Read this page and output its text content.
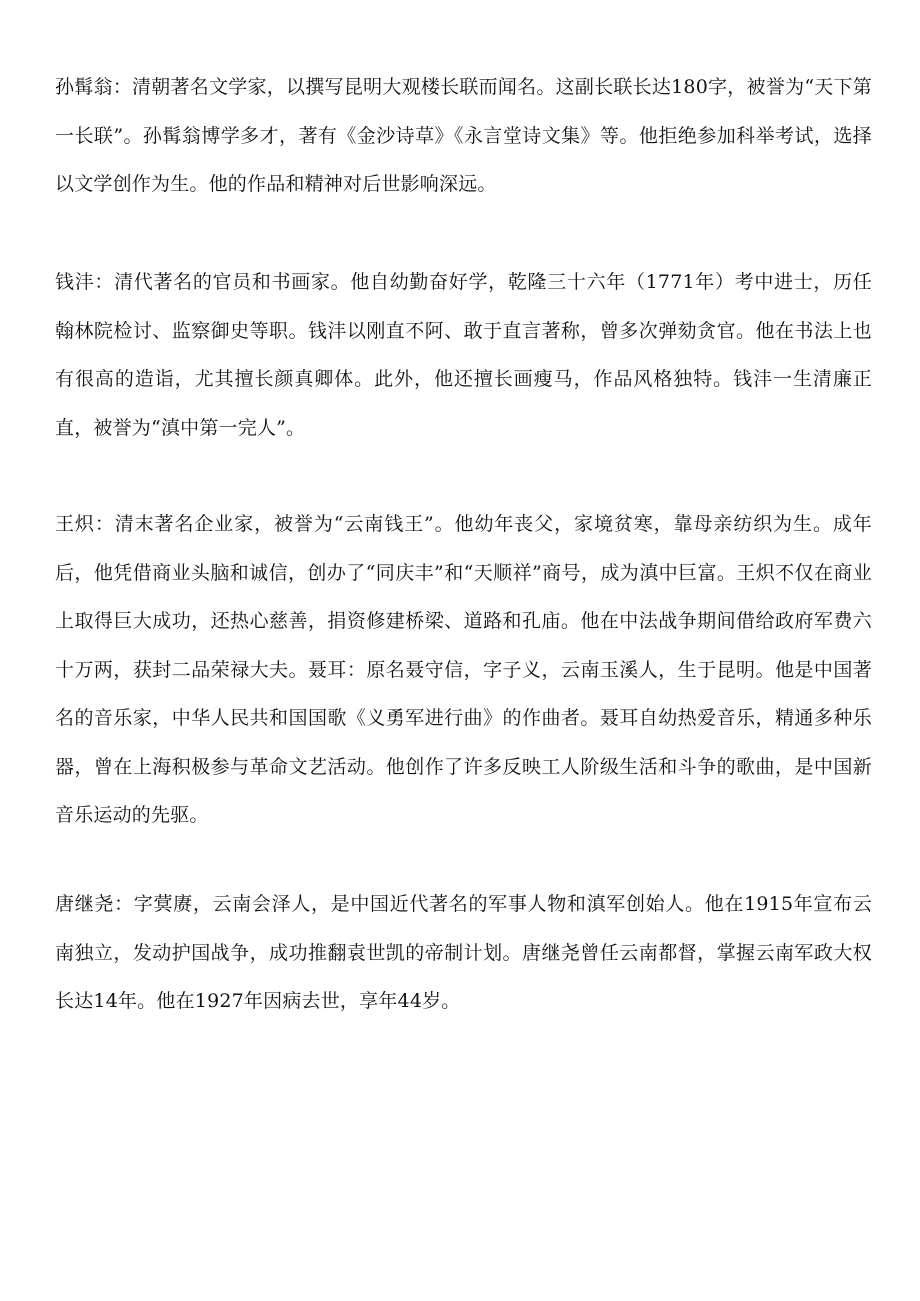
孙髯翁：清朝著名文学家，以撰写昆明大观楼长联而闻名。这副长联长达180字，被誉为“天下第一长联”。孙髯翁博学多才，著有《金沙诗草》《永言堂诗文集》等。他拒绝参加科举考试，选择以文学创作为生。他的作品和精神对后世影响深远。

钱沣：清代著名的官员和书画家。他自幼勤奋好学，乾隆三十六年（1771年）考中进士，历任翰林院检讨、监察御史等职。钱沣以刚直不阿、敢于直言著称，曾多次弹劾贪官。他在书法上也有很高的造诣，尤其擅长颜真卿体。此外，他还擅长画瘦马，作品风格独特。钱沣一生清廉正直，被誉为“滇中第一完人”。

王炽：清末著名企业家，被誉为“云南钱王”。他幼年丧父，家境贫寒，靠母亲纺织为生。成年后，他凭借商业头脑和诚信，创办了“同庆丰”和“天顺祥”商号，成为滇中巨富。王炽不仅在商业上取得巨大成功，还热心慈善，捐资修建桥梁、道路和孔庙。他在中法战争期间借给政府军费六十万两，获封二品荣禄大夫。聂耳：原名聂守信，字子义，云南玉溪人，生于昆明。他是中国著名的音乐家，中华人民共和国国歌《义勇军进行曲》的作曲者。聂耳自幼热爱音乐，精通多种乐器，曾在上海积极参与革命文艺活动。他创作了许多反映工人阶级生活和斗争的歌曲，是中国新音乐运动的先驱。

唐继尧：字蓂赓，云南会泽人，是中国近代著名的军事人物和滇军创始人。他在1915年宣布云南独立，发动护国战争，成功推翻袁世凯的帝制计划。唐继尧曾任云南都督，掌握云南军政大权长达14年。他在1927年因病去世，享年44岁。
